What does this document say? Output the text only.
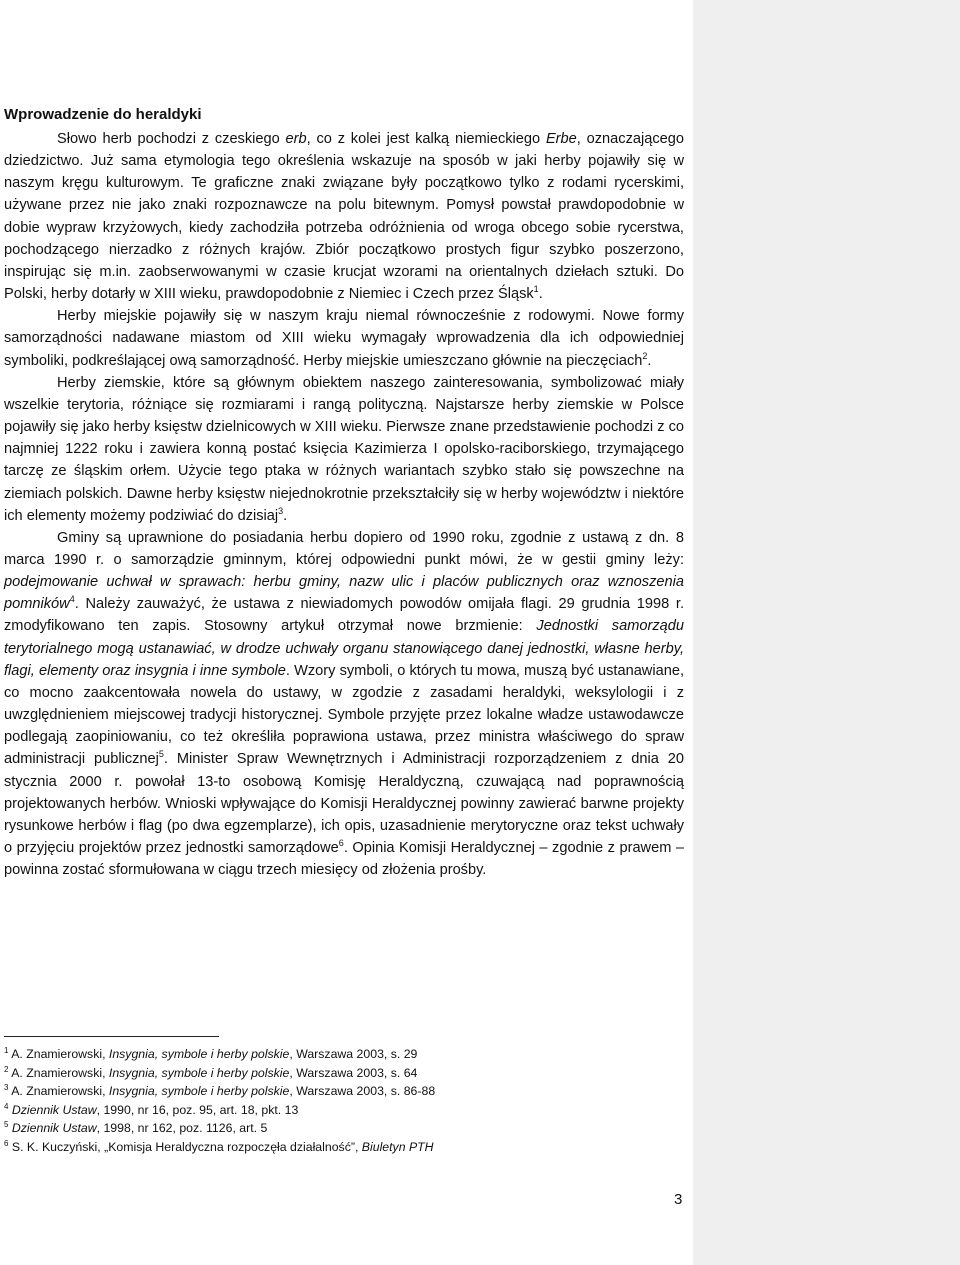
Wprowadzenie do heraldyki

Słowo herb pochodzi z czeskiego erb, co z kolei jest kalką niemieckiego Erbe, oznaczającego dziedzictwo. Już sama etymologia tego określenia wskazuje na sposób w jaki herby pojawiły się w naszym kręgu kulturowym. Te graficzne znaki związane były początkowo tylko z rodami rycerskimi, używane przez nie jako znaki rozpoznawcze na polu bitewnym. Pomysł powstał prawdopodobnie w dobie wypraw krzyżowych, kiedy zachodziła potrzeba odróżnienia od wroga obcego sobie rycerstwa, pochodzącego nierzadko z różnych krajów. Zbiór początkowo prostych figur szybko poszerzono, inspirując się m.in. zaobserwowanymi w czasie krucjat wzorami na orientalnych dziełach sztuki. Do Polski, herby dotarły w XIII wieku, prawdopodobnie z Niemiec i Czech przez Śląsk$^1$.

Herby miejskie pojawiły się w naszym kraju niemal równocześnie z rodowymi. Nowe formy samorządności nadawane miastom od XIII wieku wymagały wprowadzenia dla ich odpowiedniej symboliki, podkreślającej ową samorządność. Herby miejskie umieszczano głównie na pieczęciach$^2$.

Herby ziemskie, które są głównym obiektem naszego zainteresowania, symbolizować miały wszelkie terytoria, różniące się rozmiarami i rangą polityczną. Najstarsze herby ziemskie w Polsce pojawiły się jako herby księstw dzielnicowych w XIII wieku. Pierwsze znane przedstawienie pochodzi z co najmniej 1222 roku i zawiera konną postać księcia Kazimierza I opolsko-raciborskiego, trzymającego tarczę ze śląskim orłem. Użycie tego ptaka w różnych wariantach szybko stało się powszechne na ziemiach polskich. Dawne herby księstw niejednokrotnie przekształciły się w herby województw i niektóre ich elementy możemy podziwiać do dzisiaj$^3$.

Gminy są uprawnione do posiadania herbu dopiero od 1990 roku, zgodnie z ustawą z dn. 8 marca 1990 r. o samorządzie gminnym, której odpowiedni punkt mówi, że w gestii gminy leży: podejmowanie uchwał w sprawach: herbu gminy, nazw ulic i placów publicznych oraz wznoszenia pomników$^4$. Należy zauważyć, że ustawa z niewiadomych powodów omijała flagi. 29 grudnia 1998 r. zmodyfikowano ten zapis. Stosowny artykuł otrzymał nowe brzmienie: Jednostki samorządu terytorialnego mogą ustanawiać, w drodze uchwały organu stanowiącego danej jednostki, własne herby, flagi, elementy oraz insygnia i inne symbole. Wzory symboli, o których tu mowa, muszą być ustanawiane, co mocno zaakcentowała nowela do ustawy, w zgodzie z zasadami heraldyki, weksylologii i z uwzględnieniem miejscowej tradycji historycznej. Symbole przyjęte przez lokalne władze ustawodawcze podlegają zaopiniowaniu, co też określiła poprawiona ustawa, przez ministra właściwego do spraw administracji publicznej$^5$. Minister Spraw Wewnętrznych i Administracji rozporządzeniem z dnia 20 stycznia 2000 r. powołał 13-to osobową Komisję Heraldyczną, czuwającą nad poprawnością projektowanych herbów. Wnioski wpływające do Komisji Heraldycznej powinny zawierać barwne projekty rysunkowe herbów i flag (po dwa egzemplarze), ich opis, uzasadnienie merytoryczne oraz tekst uchwały o przyjęciu projektów przez jednostki samorządowe$^6$. Opinia Komisji Heraldycznej – zgodnie z prawem – powinna zostać sformułowana w ciągu trzech miesięcy od złożenia prośby.

$^1$ A. Znamierowski, Insygnia, symbole i herby polskie, Warszawa 2003, s. 29

$^2$ A. Znamierowski, Insygnia, symbole i herby polskie, Warszawa 2003, s. 64

$^3$ A. Znamierowski, Insygnia, symbole i herby polskie, Warszawa 2003, s. 86-88

$^4$ Dziennik Ustaw, 1990, nr 16, poz. 95, art. 18, pkt. 13

$^5$ Dziennik Ustaw, 1998, nr 162, poz. 1126, art. 5

$^6$ S. K. Kuczyński, „Komisja Heraldyczna rozpoczęła działalność”, Biuletyn PTH

3
